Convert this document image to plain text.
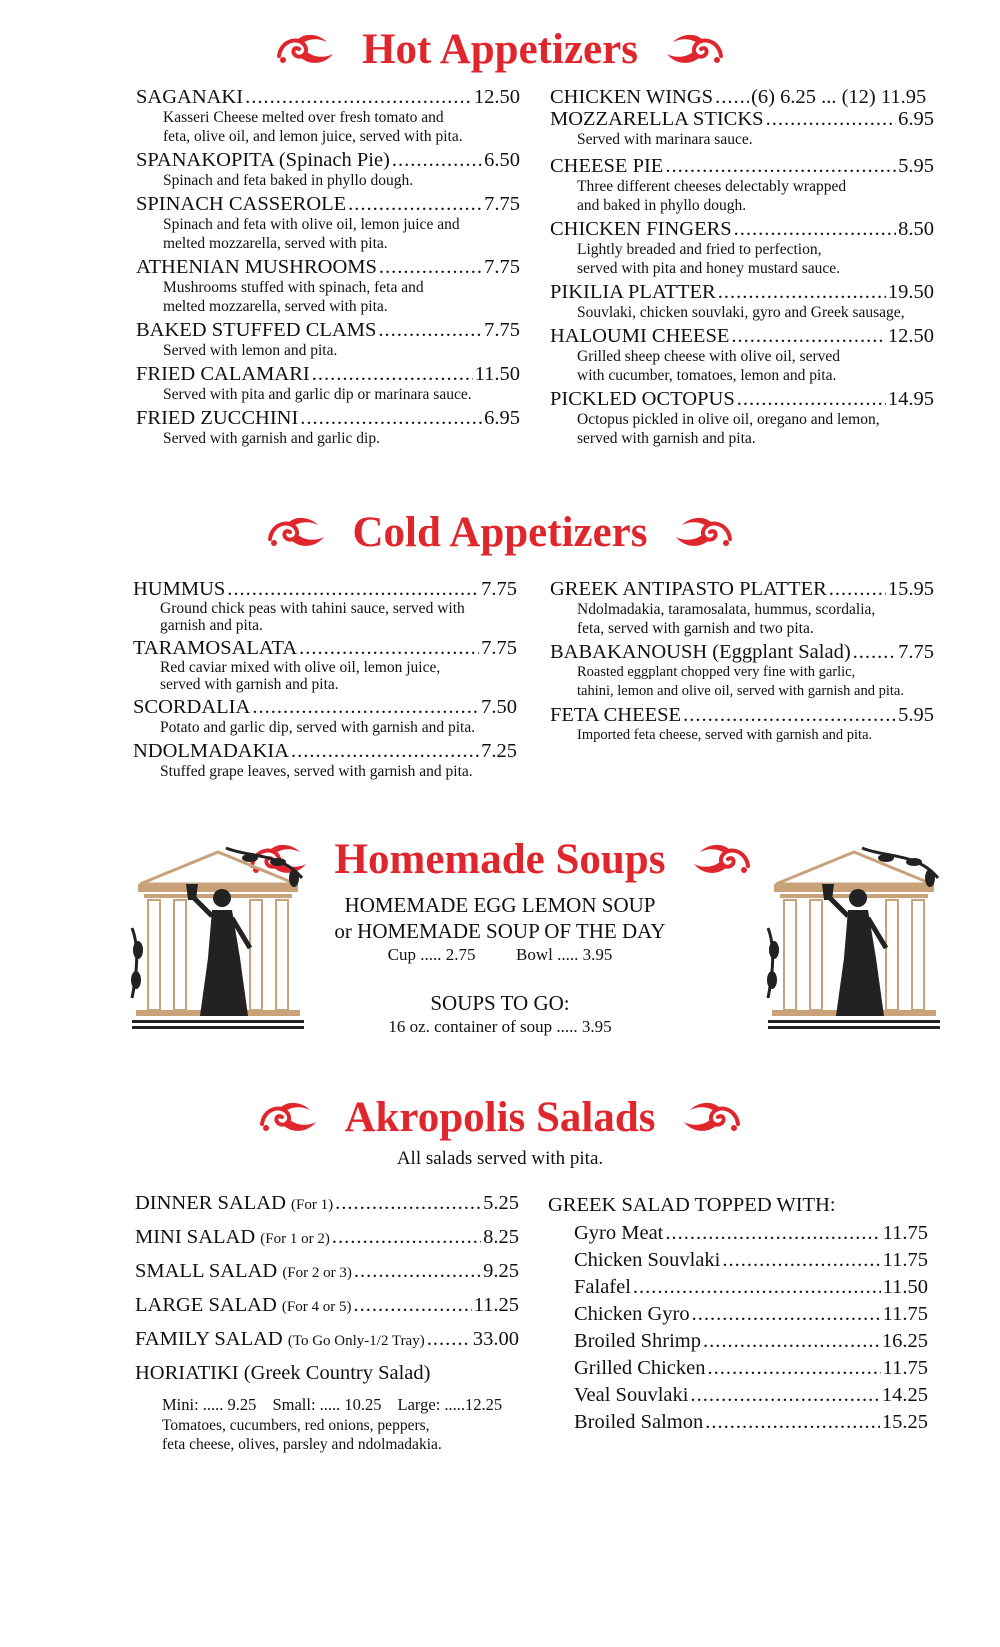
Hot Appetizers
SAGANAKI .....	12.50
Kasseri Cheese melted over fresh tomato and
feta, olive oil, and lemon juice, served with pita.
SPANAKOPITA (Spinach Pie) .....	6.50
Spinach and feta baked in phyllo dough.
SPINACH CASSEROLE .....	7.75
Spinach and feta with olive oil, lemon juice and
melted mozzarella, served with pita.
ATHENIAN MUSHROOMS .....	7.75
Mushrooms stuffed with spinach, feta and
melted mozzarella, served with pita.
BAKED STUFFED CLAMS .....	7.75
Served with lemon and pita.
FRIED CALAMARI .....	11.50
Served with pita and garlic dip or marinara sauce.
FRIED ZUCCHINI .....	6.95
Served with garnish and garlic dip.
CHICKEN WINGS ..... (6) 6.25 ... (12) 11.95
MOZZARELLA STICKS .....	6.95
Served with marinara sauce.
CHEESE PIE .....	5.95
Three different cheeses delectably wrapped
and baked in phyllo dough.
CHICKEN FINGERS .....	8.50
Lightly breaded and fried to perfection,
served with pita and honey mustard sauce.
PIKILIA PLATTER .....	19.50
Souvlaki, chicken souvlaki, gyro and Greek sausage,
HALOUMI CHEESE .....	12.50
Grilled sheep cheese with olive oil, served
with cucumber, tomatoes, lemon and pita.
PICKLED OCTOPUS .....	14.95
Octopus pickled in olive oil, oregano and lemon,
served with garnish and pita.
Cold Appetizers
HUMMUS .....	7.75
Ground chick peas with tahini sauce, served with
garnish and pita.
TARAMOSALATA .....	7.75
Red caviar mixed with olive oil, lemon juice,
served with garnish and pita.
SCORDALIA .....	7.50
Potato and garlic dip, served with garnish and pita.
NDOLMADAKIA .....	7.25
Stuffed grape leaves, served with garnish and pita.
GREEK ANTIPASTO PLATTER .....	15.95
Ndolmadakia, taramosalata, hummus, scordalia,
feta, served with garnish and two pita.
BABAKANOUSH (Eggplant Salad) ..... 7.75
Roasted eggplant chopped very fine with garlic,
tahini, lemon and olive oil, served with garnish and pita.
FETA CHEESE .....	5.95
Imported feta cheese, served with garnish and pita.
Homemade Soups
HOMEMADE EGG LEMON SOUP
or HOMEMADE SOUP OF THE DAY
Cup ..... 2.75 Bowl ..... 3.95
SOUPS TO GO:
16 oz. container of soup ..... 3.95
Akropolis Salads
All salads served with pita.
DINNER SALAD
(For 1) .....	5.25
MINI SALAD
(For 1 or 2) .....	8.25
SMALL SALAD
(For 2 or 3) .....	9.25
LARGE SALAD
(For 4 or 5) .....	11.25
FAMILY SALAD
(To Go Only-1/2 Tray) ..... 33.00
HORIATIKI (Greek Country Salad)
Mini: ..... 9.25 Small: ..... 10.25 Large: .....12.25
Tomatoes, cucumbers, red onions, peppers,
feta cheese, olives, parsley and ndolmadakia.
GREEK SALAD TOPPED WITH:
Gyro Meat .....	11.75
Chicken Souvlaki .....	11.75
Falafel .....	11.50
Chicken Gyro .....	11.75
Broiled Shrimp .....	16.25
Grilled Chicken .....	11.75
Veal Souvlaki .....	14.25
Broiled Salmon .....	15.25
